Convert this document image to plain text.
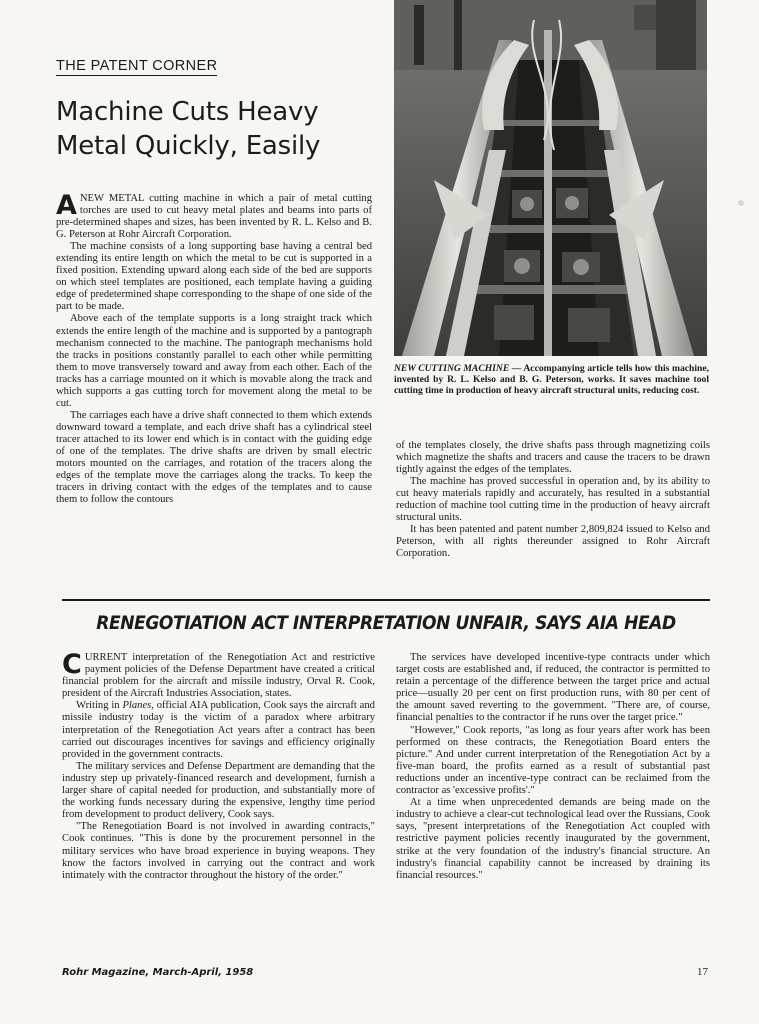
THE PATENT CORNER
Machine Cuts Heavy Metal Quickly, Easily

ANEW METAL cutting machine in which a pair of metal cutting torches are used to cut heavy metal plates and beams into parts of pre-determined shapes and sizes, has been invented by R. L. Kelso and B. G. Peterson at Rohr Aircraft Corporation.

The machine consists of a long supporting base having a central bed extending its entire length on which the metal to be cut is supported in a fixed position. Extending upward along each side of the bed are supports on which steel templates are positioned, each template having a guiding edge of predetermined shape corresponding to the shape of one side of the part to be made.

Above each of the template supports is a long straight track which extends the entire length of the machine and is supported by a pantograph mechanism connected to the machine. The pantograph mechanisms hold the tracks in positions constantly parallel to each other while permitting them to move transversely toward and away from each other. Each of the tracks has a carriage mounted on it which is movable along the track and which supports a gas cutting torch for movement along the metal to be cut.

The carriages each have a drive shaft connected to them which extends downward toward a template, and each drive shaft has a cylindrical steel tracer attached to its lower end which is in contact with the guiding edge of one of the templates. The drive shafts are driven by small electric motors mounted on the carriages, and rotation of the tracers along the edges of the template move the carriages along the tracks. To keep the tracers in driving contact with the edges of the templates and to cause them to follow the contours

NEW CUTTING MACHINE — Accompanying article tells how this machine, invented by R. L. Kelso and B. G. Peterson, works. It saves machine tool cutting time in production of heavy aircraft structural units, reducing cost.

of the templates closely, the drive shafts pass through magnetizing coils which magnetize the shafts and tracers and cause the tracers to be drawn tightly against the edges of the templates.

The machine has proved successful in operation and, by its ability to cut heavy materials rapidly and accurately, has resulted in a substantial reduction of machine tool cutting time in the production of heavy aircraft structural units.

It has been patented and patent number 2,809,824 issued to Kelso and Peterson, with all rights thereunder assigned to Rohr Aircraft Corporation.

RENEGOTIATION ACT INTERPRETATION UNFAIR, SAYS AIA HEAD

CURRENT interpretation of the Renegotiation Act and restrictive payment policies of the Defense Department have created a critical financial problem for the aircraft and missile industry, Orval R. Cook, president of the Aircraft Industries Association, states.

Writing in Planes, official AIA publication, Cook says the aircraft and missile industry today is the victim of a paradox where arbitrary interpretation of the Renegotiation Act years after a contract has been carried out discourages incentives for savings and efficiency originally provided in the government contracts.

The military services and Defense Department are demanding that the industry step up privately-financed research and development, furnish a larger share of capital needed for production, and substantially more of the working funds necessary during the expensive, lengthy time period from development to product delivery, Cook says.

"The Renegotiation Board is not involved in awarding contracts," Cook continues. "This is done by the procurement personnel in the military services who have broad experience in buying weapons. They know the factors involved in carrying out the contract and work intimately with the contractor throughout the history of the order."

The services have developed incentive-type contracts under which target costs are established and, if reduced, the contractor is permitted to retain a percentage of the difference between the target price and actual price—usually 20 per cent on first production runs, with 80 per cent of the amount saved reverting to the government. "There are, of course, financial penalties to the contractor if he runs over the target price."

"However," Cook reports, "as long as four years after work has been performed on these contracts, the Renegotiation Board enters the picture." And under current interpretation of the Renegotiation Act by a five-man board, the profits earned as a result of substantial past reductions under an incentive-type contract can be reclaimed from the contractor as 'excessive profits'."

At a time when unprecedented demands are being made on the industry to achieve a clear-cut technological lead over the Russians, Cook says, "present interpretations of the Renegotiation Act coupled with restrictive payment policies recently inaugurated by the government, strike at the very foundation of the industry's financial structure. An industry's financial capability cannot be increased by draining its financial resources."

Rohr Magazine, March-April, 1958	17
